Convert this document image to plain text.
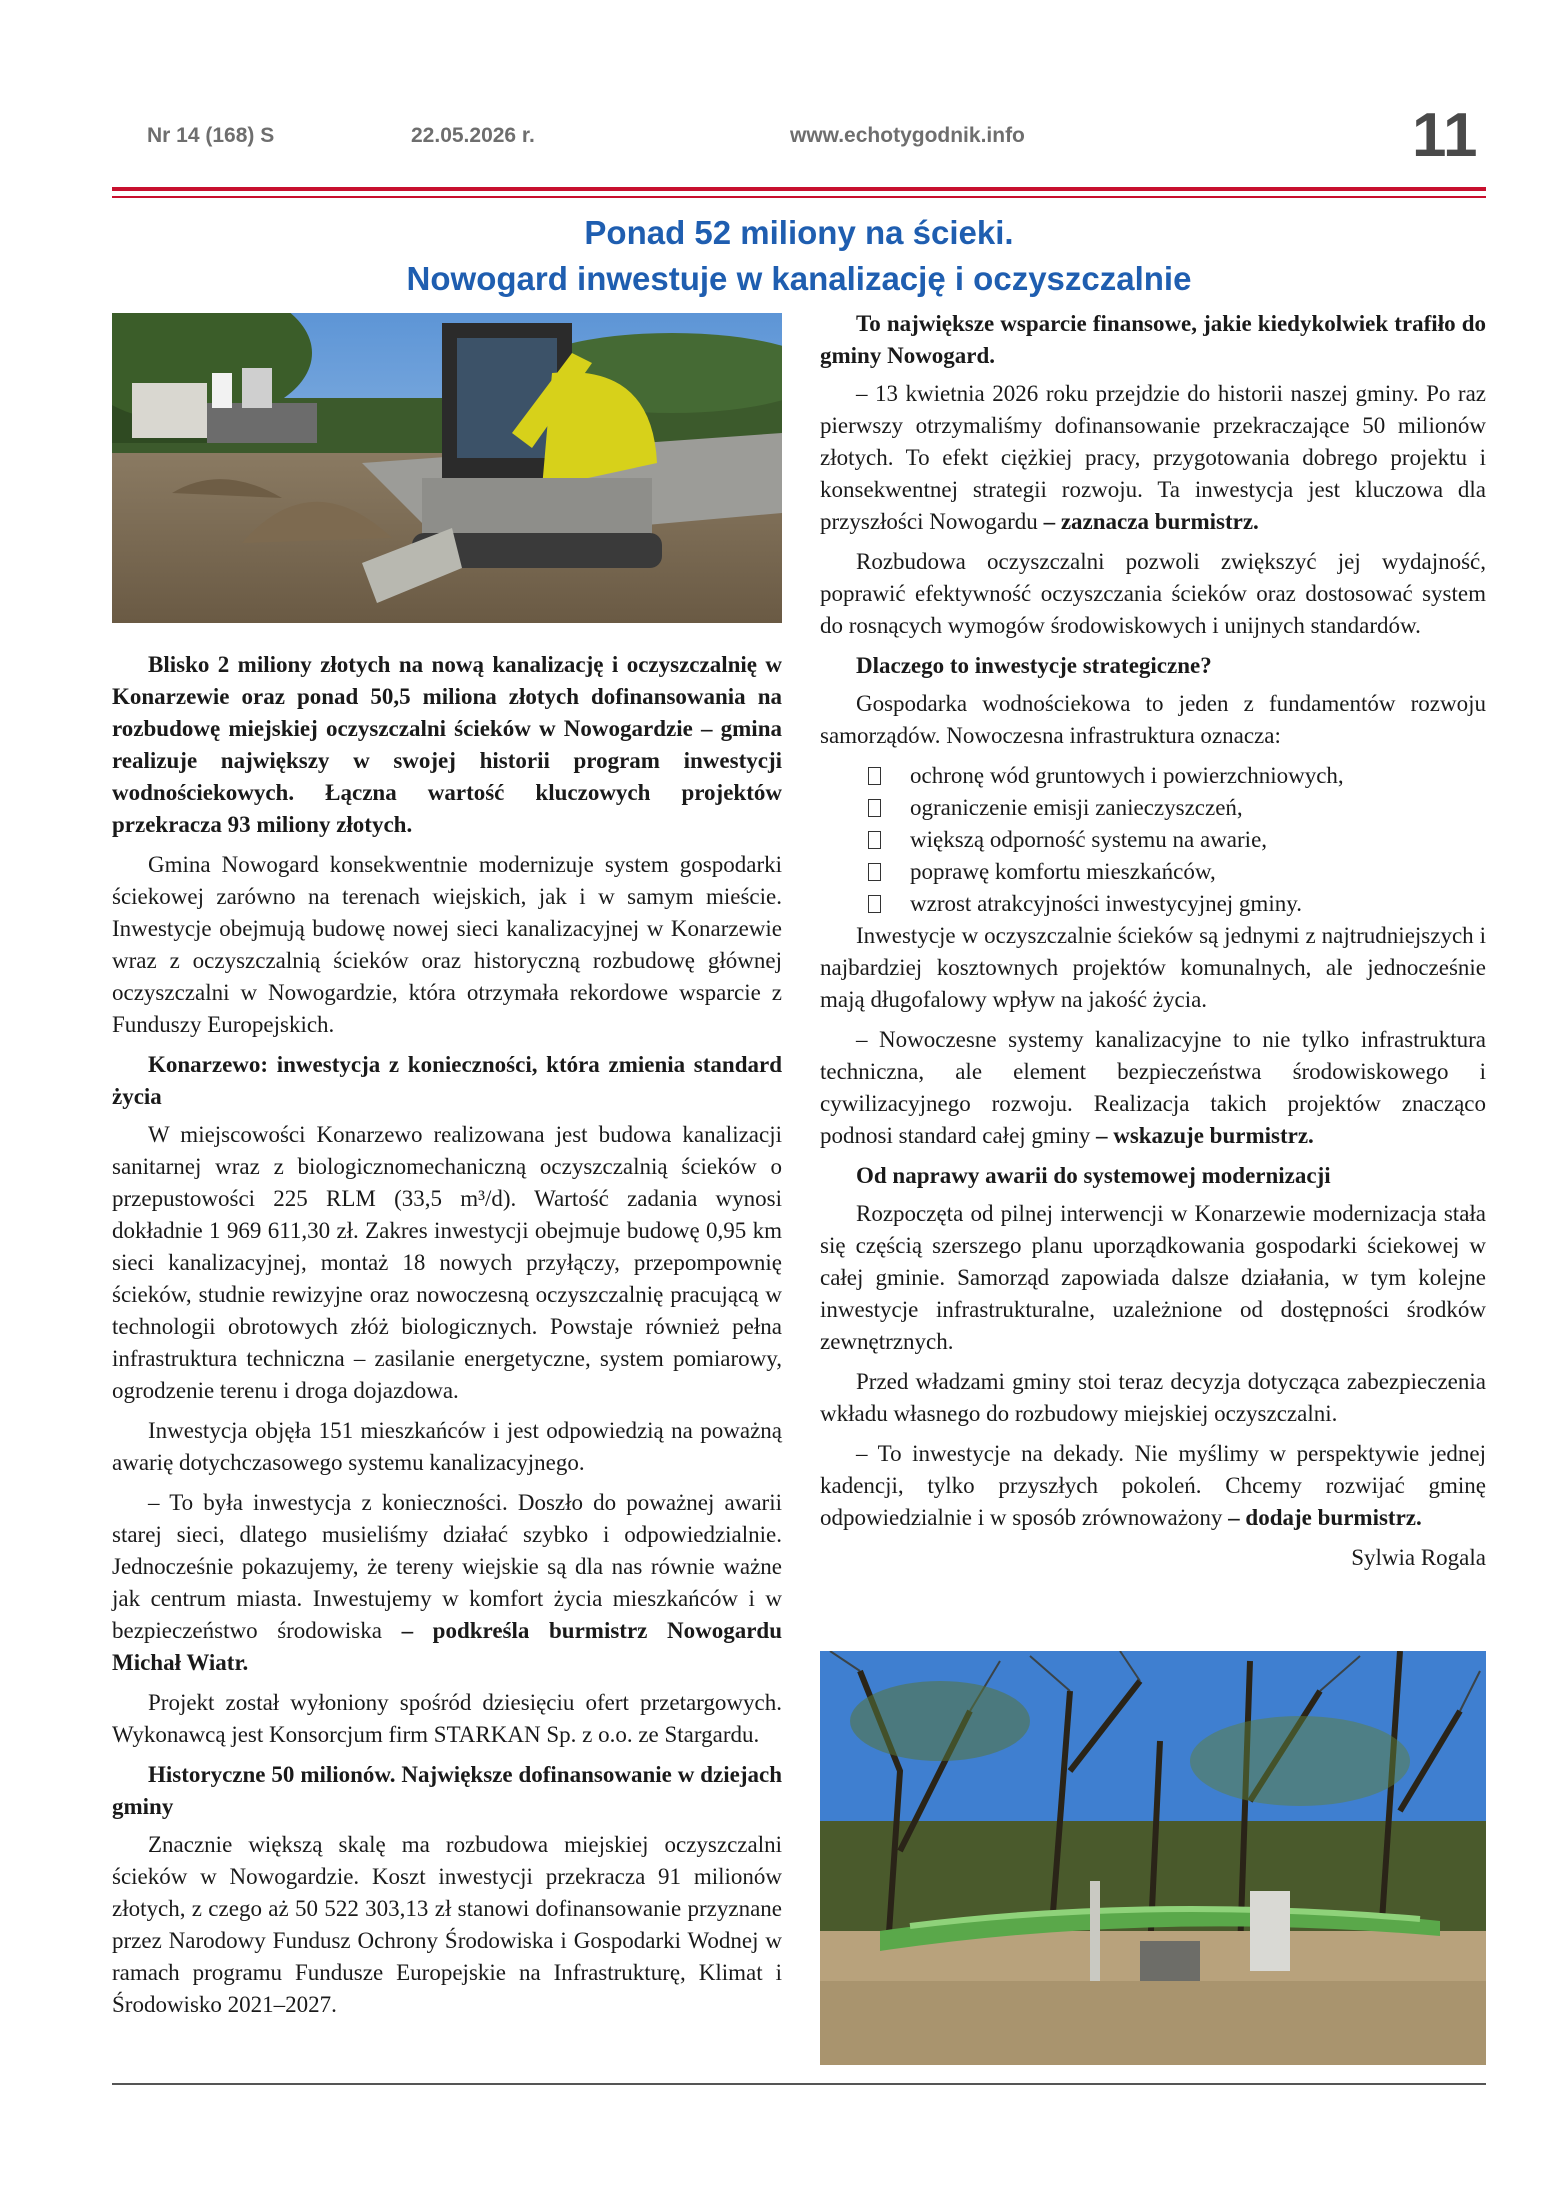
Nr 14 (168) S	22.05.2026 r.	www.echotygodnik.info	11
Ponad 52 miliony na ścieki.
Nowogard inwestuje w kanalizację i oczyszczalnie

Blisko 2 miliony złotych na nową kanalizację i oczyszczalnię w Konarzewie oraz ponad 50,5 miliona złotych dofinansowania na rozbudowę miejskiej oczyszczalni ścieków w Nowogardzie – gmina realizuje największy w swojej historii program inwestycji wodnościekowych. Łączna wartość kluczowych projektów przekracza 93 miliony złotych.

Gmina Nowogard konsekwentnie modernizuje system gospodarki ściekowej zarówno na terenach wiejskich, jak i w samym mieście. Inwestycje obejmują budowę nowej sieci kanalizacyjnej w Konarzewie wraz z oczyszczalnią ścieków oraz historyczną rozbudowę głównej oczyszczalni w Nowogardzie, która otrzymała rekordowe wsparcie z Funduszy Europejskich.

Konarzewo: inwestycja z konieczności, która zmienia standard życia

W miejscowości Konarzewo realizowana jest budowa kanalizacji sanitarnej wraz z biologicznomechaniczną oczyszczalnią ścieków o przepustowości 225 RLM (33,5 m³/d). Wartość zadania wynosi dokładnie 1 969 611,30 zł. Zakres inwestycji obejmuje budowę 0,95 km sieci kanalizacyjnej, montaż 18 nowych przyłączy, przepompownię ścieków, studnie rewizyjne oraz nowoczesną oczyszczalnię pracującą w technologii obrotowych złóż biologicznych. Powstaje również pełna infrastruktura techniczna – zasilanie energetyczne, system pomiarowy, ogrodzenie terenu i droga dojazdowa.

Inwestycja objęła 151 mieszkańców i jest odpowiedzią na poważną awarię dotychczasowego systemu kanalizacyjnego.

– To była inwestycja z konieczności. Doszło do poważnej awarii starej sieci, dlatego musieliśmy działać szybko i odpowiedzialnie. Jednocześnie pokazujemy, że tereny wiejskie są dla nas równie ważne jak centrum miasta. Inwestujemy w komfort życia mieszkańców i w bezpieczeństwo środowiska – podkreśla burmistrz Nowogardu Michał Wiatr.

Projekt został wyłoniony spośród dziesięciu ofert przetargowych. Wykonawcą jest Konsorcjum firm STARKAN Sp. z o.o. ze Stargardu.

Historyczne 50 milionów. Największe dofinansowanie w dziejach gminy

Znacznie większą skalę ma rozbudowa miejskiej oczyszczalni ścieków w Nowogardzie. Koszt inwestycji przekracza 91 milionów złotych, z czego aż 50 522 303,13 zł stanowi dofinansowanie przyznane przez Narodowy Fundusz Ochrony Środowiska i Gospodarki Wodnej w ramach programu Fundusze Europejskie na Infrastrukturę, Klimat i Środowisko 2021–2027.

To największe wsparcie finansowe, jakie kiedykolwiek trafiło do gminy Nowogard.

– 13 kwietnia 2026 roku przejdzie do historii naszej gminy. Po raz pierwszy otrzymaliśmy dofinansowanie przekraczające 50 milionów złotych. To efekt ciężkiej pracy, przygotowania dobrego projektu i konsekwentnej strategii rozwoju. Ta inwestycja jest kluczowa dla przyszłości Nowogardu – zaznacza burmistrz.

Rozbudowa oczyszczalni pozwoli zwiększyć jej wydajność, poprawić efektywność oczyszczania ścieków oraz dostosować system do rosnących wymogów środowiskowych i unijnych standardów.

Dlaczego to inwestycje strategiczne?

Gospodarka wodnościekowa to jeden z fundamentów rozwoju samorządów. Nowoczesna infrastruktura oznacza:

ochronę wód gruntowych i powierzchniowych,
ograniczenie emisji zanieczyszczeń,
większą odporność systemu na awarie,
poprawę komfortu mieszkańców,
wzrost atrakcyjności inwestycyjnej gminy.

Inwestycje w oczyszczalnie ścieków są jednymi z najtrudniejszych i najbardziej kosztownych projektów komunalnych, ale jednocześnie mają długofalowy wpływ na jakość życia.

– Nowoczesne systemy kanalizacyjne to nie tylko infrastruktura techniczna, ale element bezpieczeństwa środowiskowego i cywilizacyjnego rozwoju. Realizacja takich projektów znacząco podnosi standard całej gminy – wskazuje burmistrz.

Od naprawy awarii do systemowej modernizacji

Rozpoczęta od pilnej interwencji w Konarzewie modernizacja stała się częścią szerszego planu uporządkowania gospodarki ściekowej w całej gminie. Samorząd zapowiada dalsze działania, w tym kolejne inwestycje infrastrukturalne, uzależnione od dostępności środków zewnętrznych.

Przed władzami gminy stoi teraz decyzja dotycząca zabezpieczenia wkładu własnego do rozbudowy miejskiej oczyszczalni.

– To inwestycje na dekady. Nie myślimy w perspektywie jednej kadencji, tylko przyszłych pokoleń. Chcemy rozwijać gminę odpowiedzialnie i w sposób zrównoważony – dodaje burmistrz.

Sylwia Rogala
